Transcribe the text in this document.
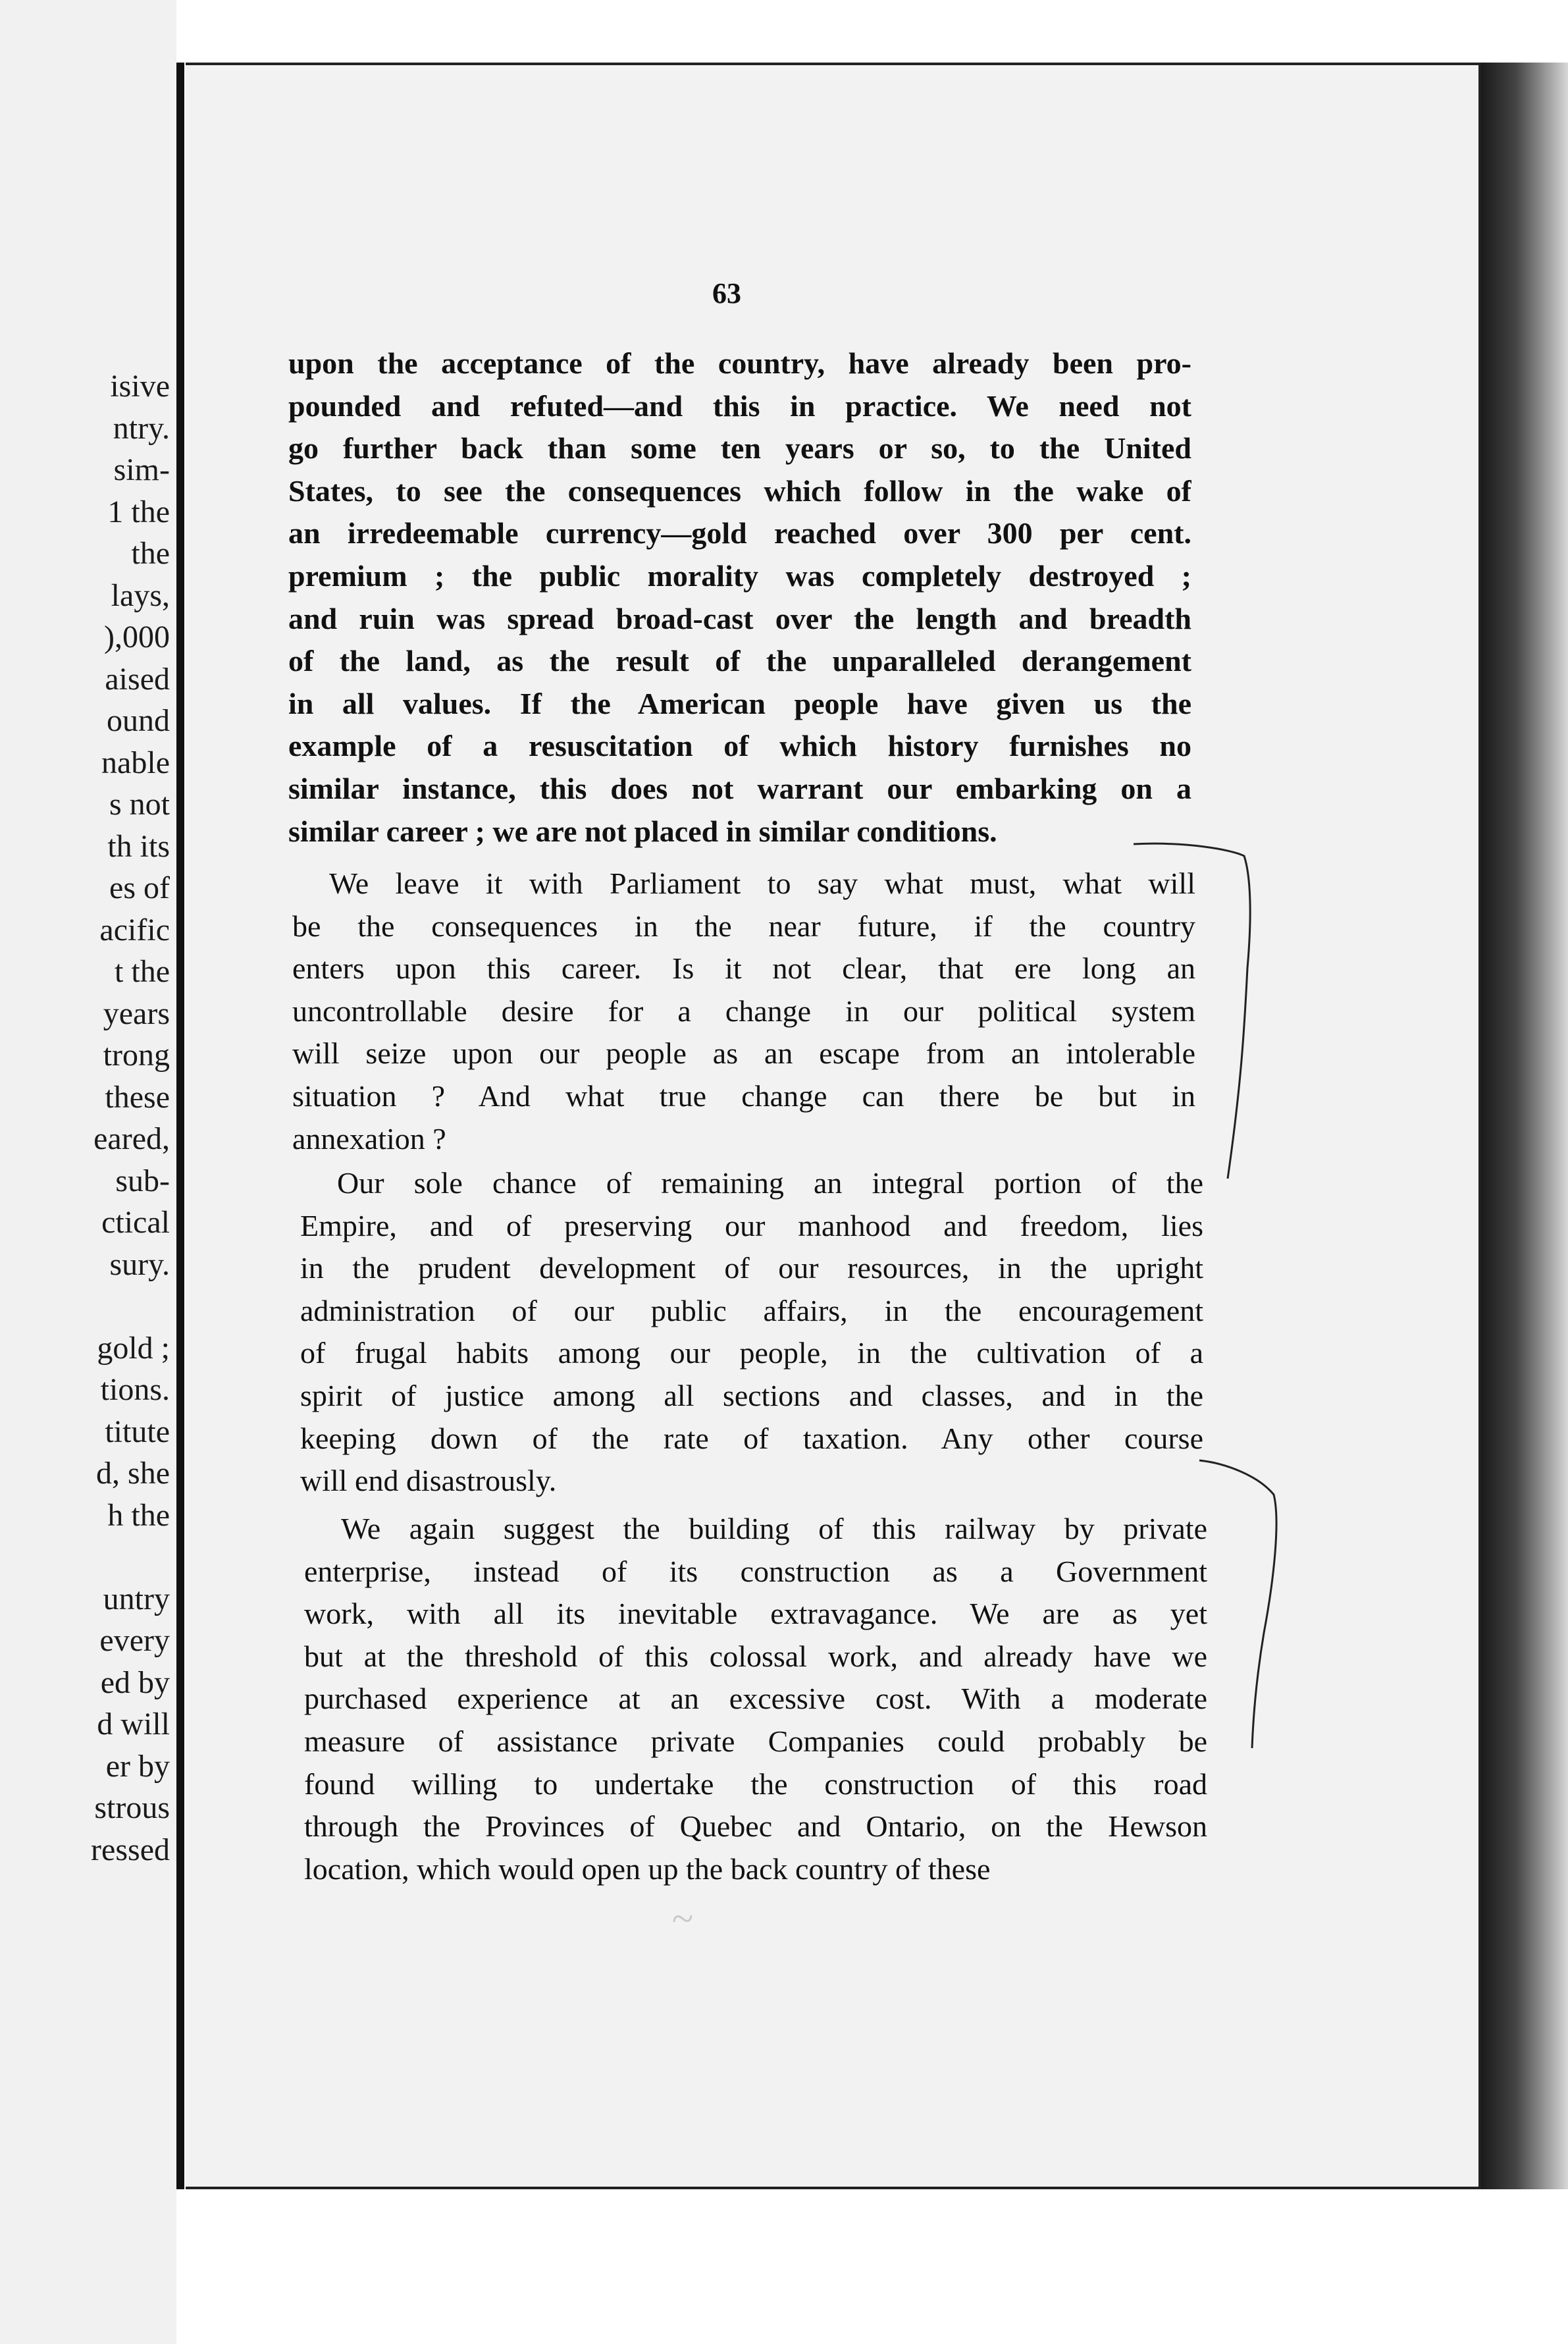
isive
ntry.
sim-
1 the
the
lays,
),000
aised
ound
nable
s not
th its
es of
acific
t the
years
trong
these
eared,
sub-
ctical
sury.
gold ;
tions.
titute
d, she
h the
untry
every
ed by
d will
er by
strous
ressed
63
upon the acceptance of the country, have already been pro-
pounded and refuted—and this in practice. We need not
go further back than some ten years or so, to the United
States, to see the consequences which follow in the wake of
an irredeemable currency—gold reached over 300 per cent.
premium ; the public morality was completely destroyed ;
and ruin was spread broad-cast over the length and breadth
of the land, as the result of the unparalleled derangement
in all values. If the American people have given us the
example of a resuscitation of which history furnishes no
similar instance, this does not warrant our embarking on a
similar career ; we are not placed in similar conditions.
We leave it with Parliament to say what must, what will
be the consequences in the near future, if the country
enters upon this career. Is it not clear, that ere long an
uncontrollable desire for a change in our political system
will seize upon our people as an escape from an intolerable
situation ? And what true change can there be but in
annexation ?
Our sole chance of remaining an integral portion of the
Empire, and of preserving our manhood and freedom, lies
in the prudent development of our resources, in the upright
administration of our public affairs, in the encouragement
of frugal habits among our people, in the cultivation of a
spirit of justice among all sections and classes, and in the
keeping down of the rate of taxation. Any other course
will end disastrously.
We again suggest the building of this railway by private
enterprise, instead of its construction as a Government
work, with all its inevitable extravagance. We are as yet
but at the threshold of this colossal work, and already have we
purchased experience at an excessive cost. With a moderate
measure of assistance private Companies could probably be
found willing to undertake the construction of this road
through the Provinces of Quebec and Ontario, on the Hewson
location, which would open up the back country of these
~
